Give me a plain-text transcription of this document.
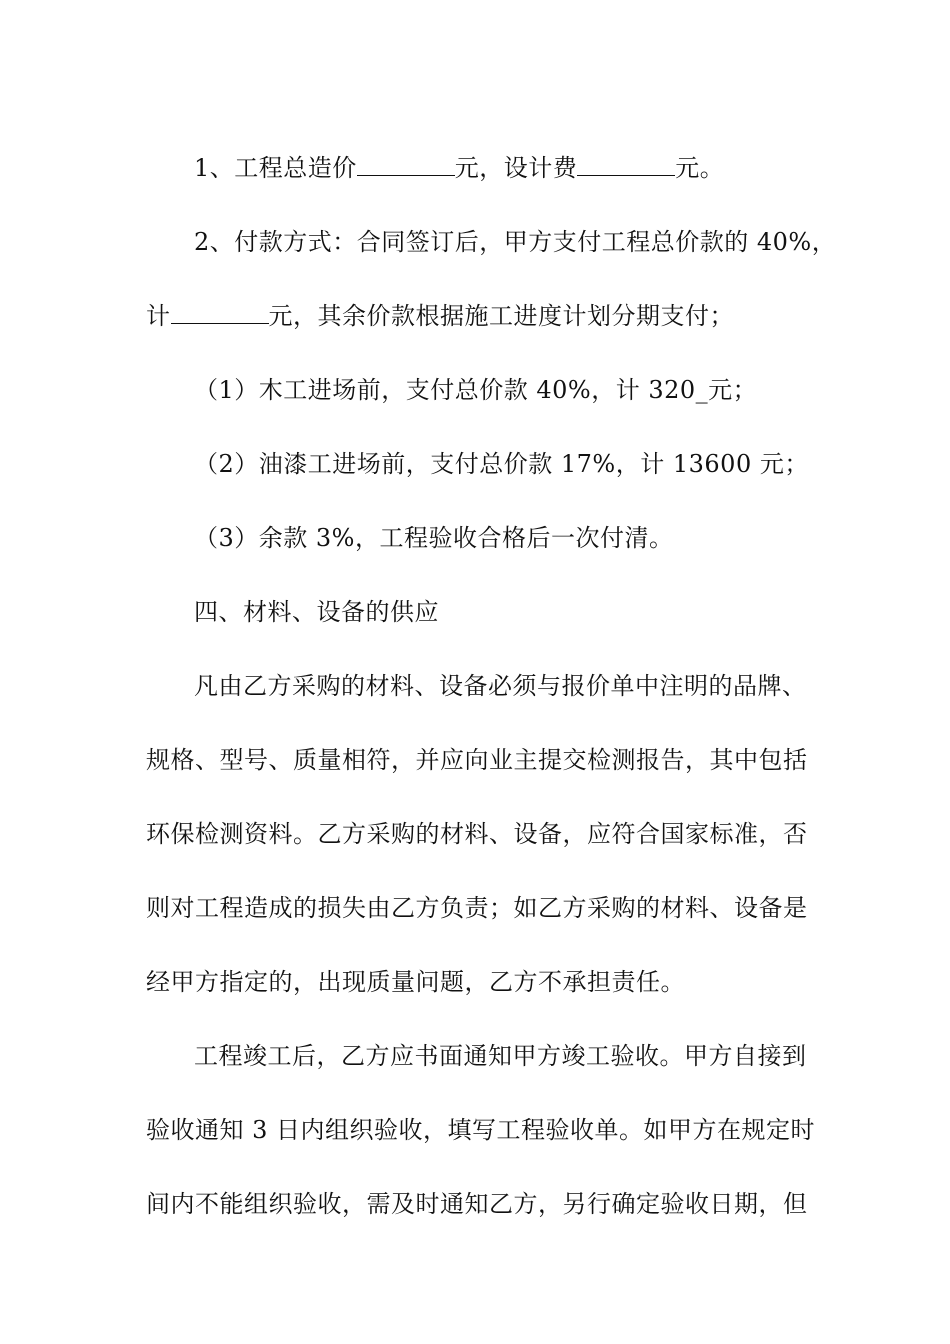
1、工程总造价	元，设计费	元。

2、付款方式：合同签订后，甲方支付工程总价款的 40%，

计	元，其余价款根据施工进度计划分期支付；

（1）木工进场前，支付总价款 40%，计 320_元；

（2）油漆工进场前，支付总价款 17%，计 13600 元；

（3）余款 3%，工程验收合格后一次付清。

四、材料、设备的供应

凡由乙方采购的材料、设备必须与报价单中注明的品牌、

规格、型号、质量相符，并应向业主提交检测报告，其中包括

环保检测资料。乙方采购的材料、设备，应符合国家标准，否

则对工程造成的损失由乙方负责；如乙方采购的材料、设备是

经甲方指定的，出现质量问题，乙方不承担责任。

工程竣工后，乙方应书面通知甲方竣工验收。甲方自接到

验收通知 3 日内组织验收，填写工程验收单。如甲方在规定时

间内不能组织验收，需及时通知乙方，另行确定验收日期，但
